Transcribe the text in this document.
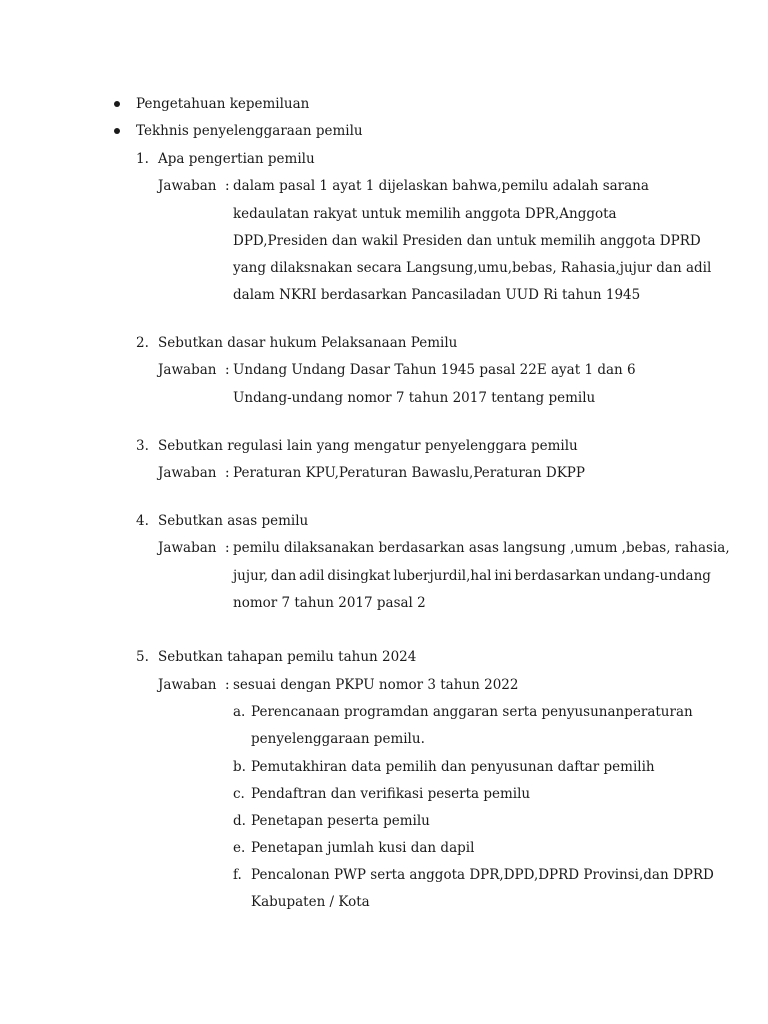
Pengetahuan kepemiluan
Tekhnis penyelenggaraan pemilu
1. Apa pengertian pemilu
Jawaban : dalam pasal 1 ayat 1 dijelaskan bahwa,pemilu adalah sarana
kedaulatan rakyat untuk memilih anggota DPR,Anggota
DPD,Presiden dan wakil Presiden dan untuk memilih anggota DPRD
yang dilaksnakan secara Langsung,umu,bebas, Rahasia,jujur dan adil
dalam NKRI berdasarkan Pancasiladan UUD Ri tahun 1945
2. Sebutkan dasar hukum Pelaksanaan Pemilu
Jawaban : Undang Undang Dasar Tahun 1945 pasal 22E ayat 1 dan 6
Undang-undang nomor 7 tahun 2017 tentang pemilu
3. Sebutkan regulasi lain yang mengatur penyelenggara pemilu
Jawaban : Peraturan KPU,Peraturan Bawaslu,Peraturan DKPP
4. Sebutkan asas pemilu
Jawaban : pemilu dilaksanakan berdasarkan asas langsung ,umum ,bebas, rahasia,
jujur, dan adil disingkat luberjurdil,hal ini berdasarkan undang-undang
nomor 7 tahun 2017 pasal 2
5. Sebutkan tahapan pemilu tahun 2024
Jawaban : sesuai dengan PKPU nomor 3 tahun 2022
a. Perencanaan programdan anggaran serta penyusunanperaturan
penyelenggaraan pemilu.
b. Pemutakhiran data pemilih dan penyusunan daftar pemilih
c. Pendaftran dan verifikasi peserta pemilu
d. Penetapan peserta pemilu
e. Penetapan jumlah kusi dan dapil
f. Pencalonan PWP serta anggota DPR,DPD,DPRD Provinsi,dan DPRD
Kabupaten / Kota
